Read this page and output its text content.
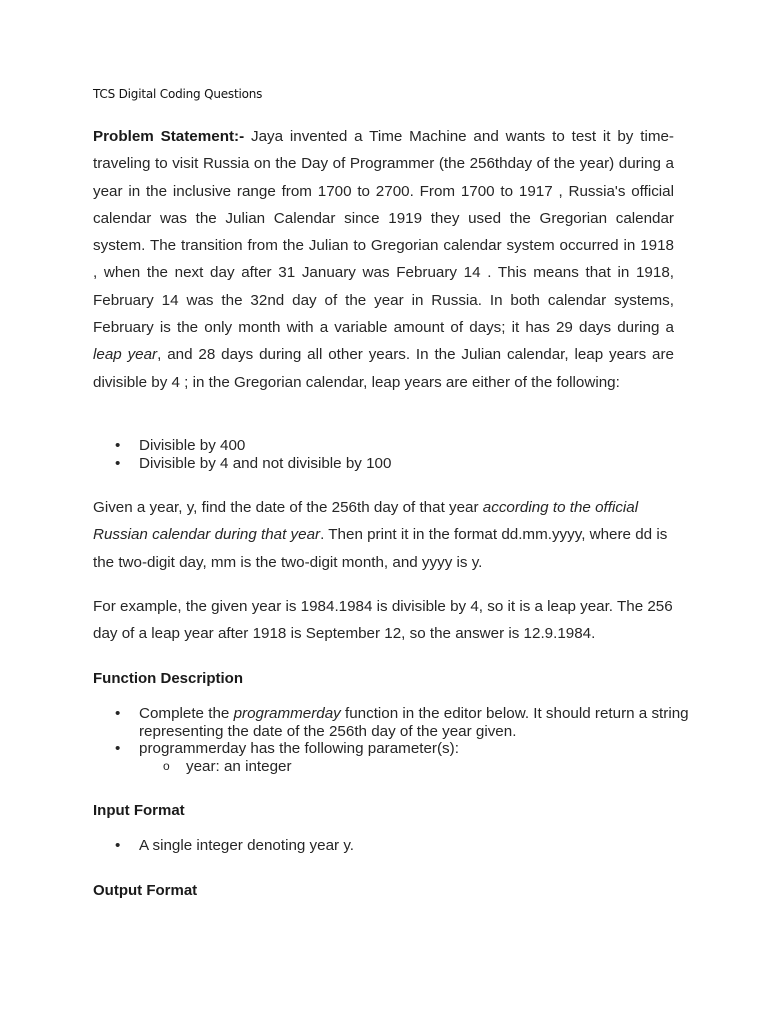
TCS Digital Coding Questions

Problem Statement:- Jaya invented a Time Machine and wants to test it by time-traveling to visit Russia on the Day of Programmer (the 256thday of the year) during a year in the inclusive range from 1700 to 2700. From 1700 to 1917 , Russia's official calendar was the Julian Calendar since 1919 they used the Gregorian calendar system. The transition from the Julian to Gregorian calendar system occurred in 1918 , when the next day after 31 January was February 14 . This means that in 1918, February 14 was the 32nd day of the year in Russia. In both calendar systems, February is the only month with a variable amount of days; it has 29 days during a leap year, and 28 days during all other years. In the Julian calendar, leap years are divisible by 4 ; in the Gregorian calendar, leap years are either of the following:

• Divisible by 400
• Divisible by 4 and not divisible by 100

Given a year, y, find the date of the 256th day of that year according to the official Russian calendar during that year. Then print it in the format dd.mm.yyyy, where dd is the two-digit day, mm is the two-digit month, and yyyy is y.

For example, the given year is 1984.1984 is divisible by 4, so it is a leap year. The 256 day of a leap year after 1918 is September 12, so the answer is 12.9.1984.

Function Description
• Complete the programmerday function in the editor below. It should return a string representing the date of the 256th day of the year given.
• programmerday has the following parameter(s):
o year: an integer
Input Format
• A single integer denoting year y.
Output Format
